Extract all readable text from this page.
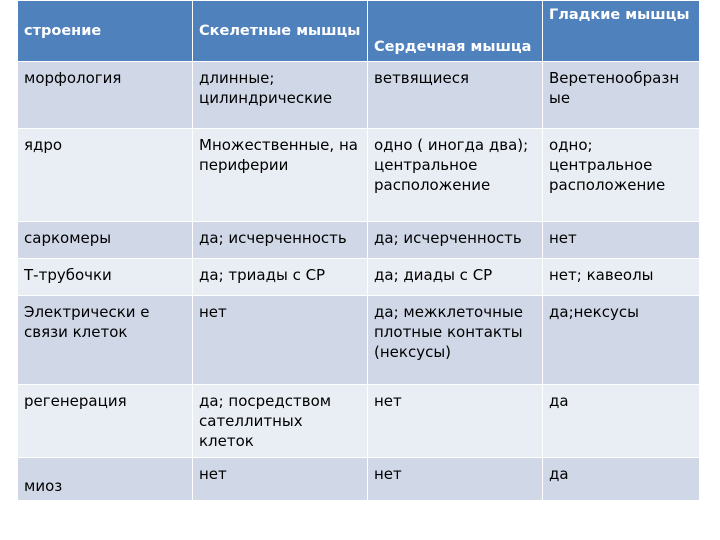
строение	Скелетные мышцы	Сердечная мышца	Гладкие мышцы
морфология	длинные; цилиндрические	ветвящиеся	Веретенообразн ые
ядро	Множественные, на периферии	одно ( иногда два); центральное расположение	одно; центральное расположение
саркомеры	да; исчерченность	да; исчерченность	нет
Т-трубочки	да; триады с СР	да; диады с СР	нет; кавеолы
Электрически е связи клеток	нет	да; межклеточные плотные контакты (нексусы)	да;нексусы
регенерация	да; посредством сателлитных клеток	нет	да
миоз	нет	нет	да
